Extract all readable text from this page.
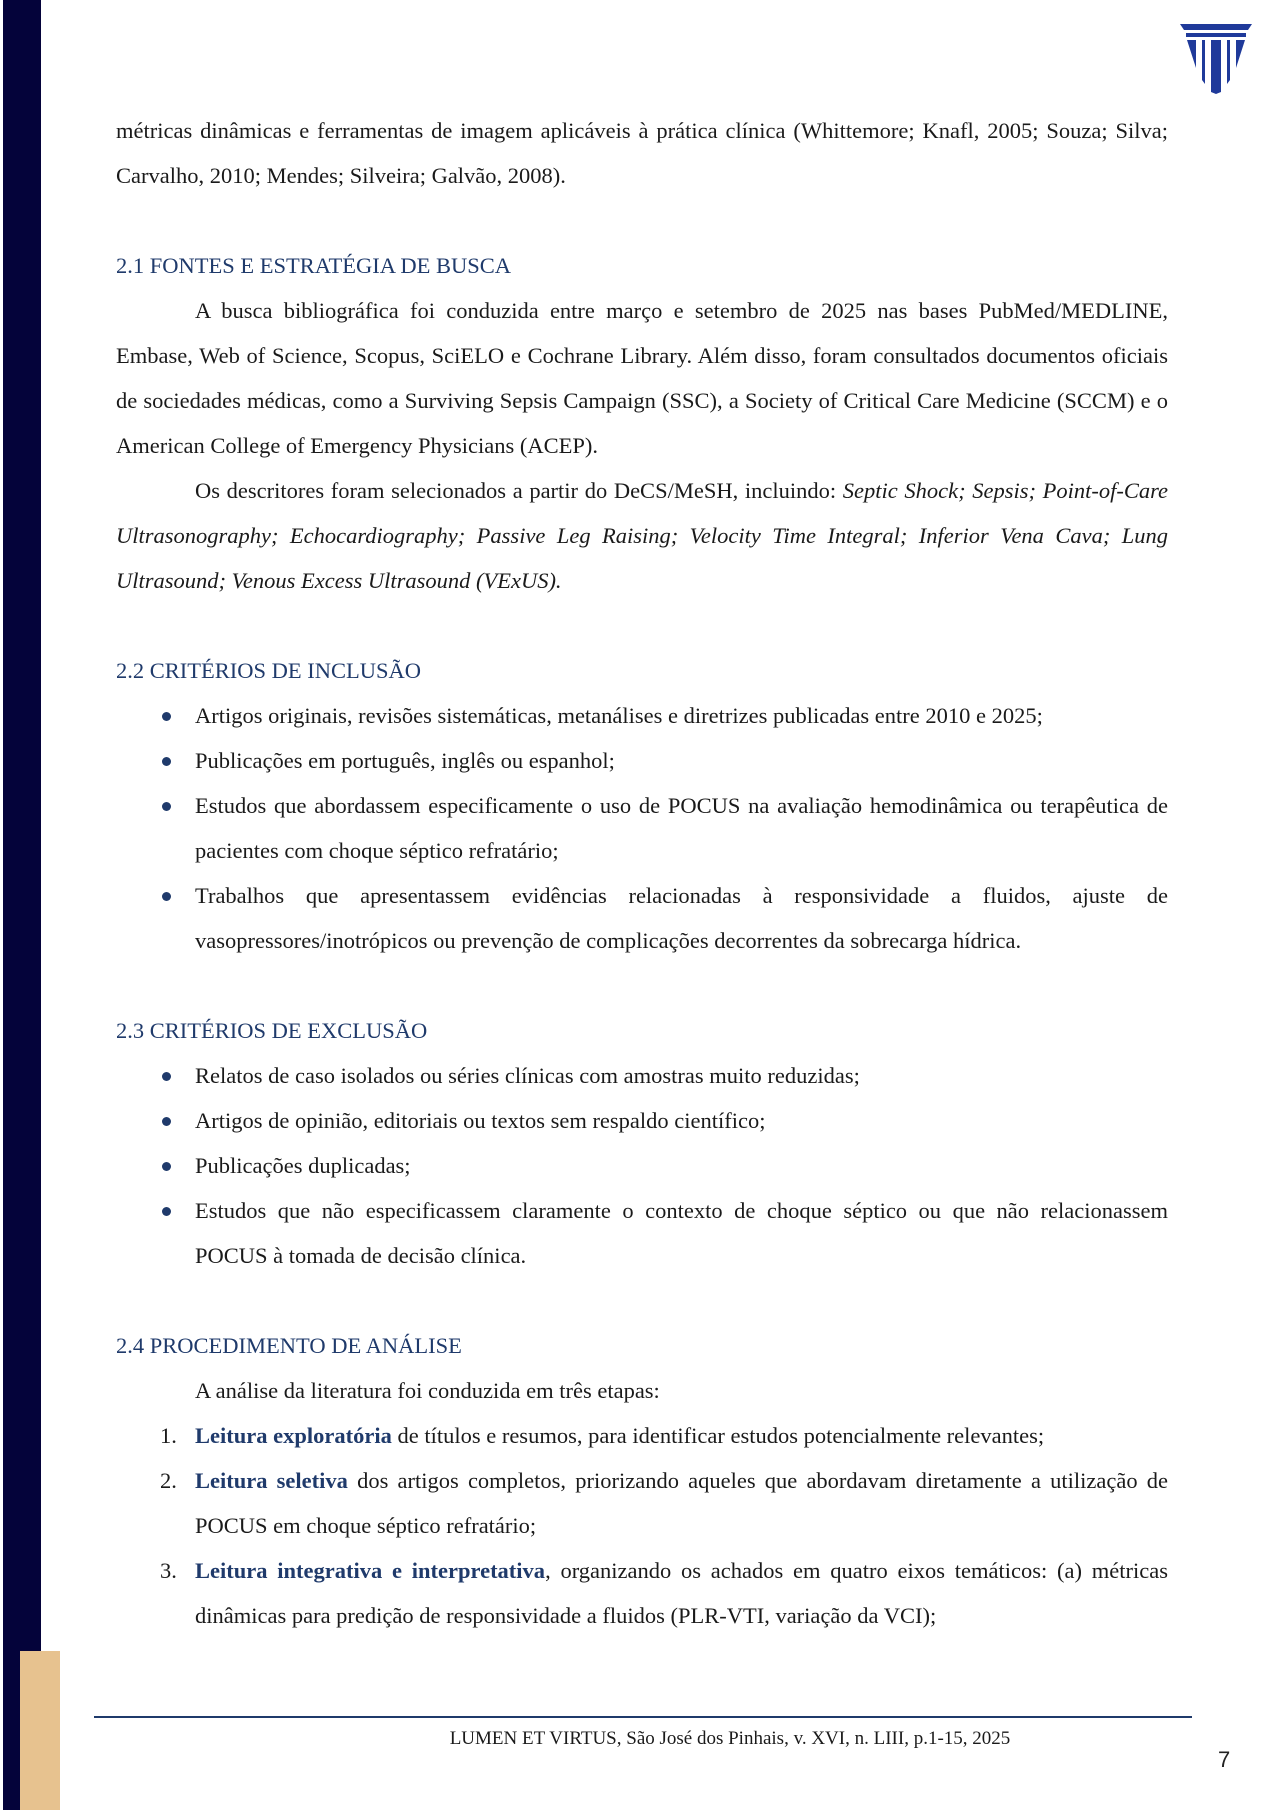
métricas dinâmicas e ferramentas de imagem aplicáveis à prática clínica (Whittemore; Knafl, 2005; Souza; Silva; Carvalho, 2010; Mendes; Silveira; Galvão, 2008).

2.1 FONTES E ESTRATÉGIA DE BUSCA

A busca bibliográfica foi conduzida entre março e setembro de 2025 nas bases PubMed/MEDLINE, Embase, Web of Science, Scopus, SciELO e Cochrane Library. Além disso, foram consultados documentos oficiais de sociedades médicas, como a Surviving Sepsis Campaign (SSC), a Society of Critical Care Medicine (SCCM) e o American College of Emergency Physicians (ACEP).

Os descritores foram selecionados a partir do DeCS/MeSH, incluindo: Septic Shock; Sepsis; Point-of-Care Ultrasonography; Echocardiography; Passive Leg Raising; Velocity Time Integral; Inferior Vena Cava; Lung Ultrasound; Venous Excess Ultrasound (VExUS).

2.2 CRITÉRIOS DE INCLUSÃO
Artigos originais, revisões sistemáticas, metanálises e diretrizes publicadas entre 2010 e 2025;
Publicações em português, inglês ou espanhol;
Estudos que abordassem especificamente o uso de POCUS na avaliação hemodinâmica ou terapêutica de pacientes com choque séptico refratário;
Trabalhos que apresentassem evidências relacionadas à responsividade a fluidos, ajuste de vasopressores/inotrópicos ou prevenção de complicações decorrentes da sobrecarga hídrica.
2.3 CRITÉRIOS DE EXCLUSÃO
Relatos de caso isolados ou séries clínicas com amostras muito reduzidas;
Artigos de opinião, editoriais ou textos sem respaldo científico;
Publicações duplicadas;
Estudos que não especificassem claramente o contexto de choque séptico ou que não relacionassem POCUS à tomada de decisão clínica.
2.4 PROCEDIMENTO DE ANÁLISE

A análise da literatura foi conduzida em três etapas:

1. Leitura exploratória de títulos e resumos, para identificar estudos potencialmente relevantes;
2. Leitura seletiva dos artigos completos, priorizando aqueles que abordavam diretamente a utilização de POCUS em choque séptico refratário;
3. Leitura integrativa e interpretativa, organizando os achados em quatro eixos temáticos: (a) métricas dinâmicas para predição de responsividade a fluidos (PLR-VTI, variação da VCI);
LUMEN ET VIRTUS, São José dos Pinhais, v. XVI, n. LIII, p.1-15, 2025
7
